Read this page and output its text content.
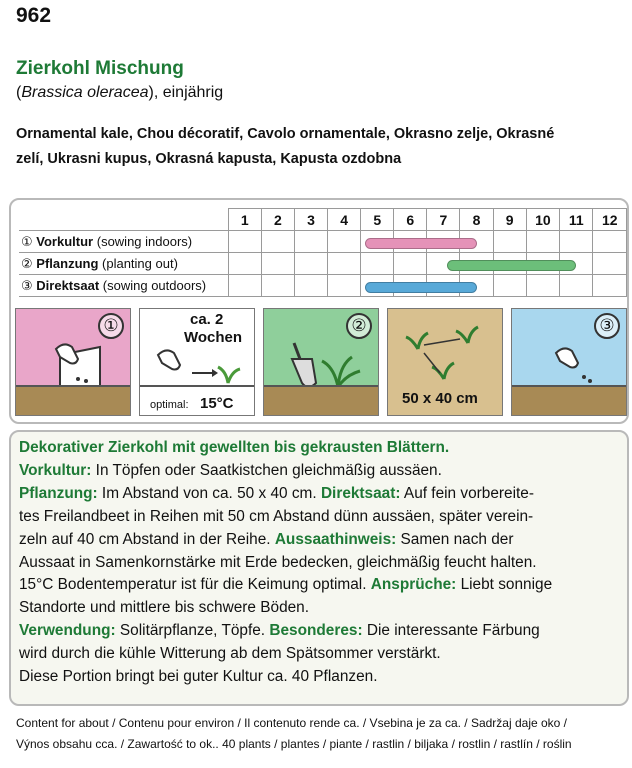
962
Zierkohl Mischung
(Brassica oleracea), einjährig
Ornamental kale, Chou décoratif, Cavolo ornamentale, Okrasno zelje, Okrasné
zelí, Ukrasni kupus, Okrasná kapusta, Kapusta ozdobna
	1	2	3	4	5	6	7	8	9	10	11	12
① Vorkultur (sowing indoors)												
② Pflanzung (planting out)												
③ Direktsaat (sowing outdoors)												
①	ca. 2
Wochen
optimal: 15°C
②
50 x 40 cm
③
Dekorativer Zierkohl mit gewellten bis gekrausten Blättern.
Vorkultur: In Töpfen oder Saatkistchen gleichmäßig aussäen.
Pflanzung: Im Abstand von ca. 50 x 40 cm. Direktsaat: Auf fein vorbereite-
tes Freilandbeet in Reihen mit 50 cm Abstand dünn aussäen, später verein-
zeln auf 40 cm Abstand in der Reihe. Aussaathinweis: Samen nach der
Aussaat in Samenkornstärke mit Erde bedecken, gleichmäßig feucht halten.
15°C Bodentemperatur ist für die Keimung optimal. Ansprüche: Liebt sonnige
Standorte und mittlere bis schwere Böden.
Verwendung: Solitärpflanze, Töpfe. Besonderes: Die interessante Färbung
wird durch die kühle Witterung ab dem Spätsommer verstärkt.
Diese Portion bringt bei guter Kultur ca. 40 Pflanzen.
Content for about / Contenu pour environ / Il contenuto rende ca. / Vsebina je za ca. / Sadržaj daje oko /
Výnos obsahu cca. / Zawartość to ok.. 40 plants / plantes / piante / rastlin / biljaka / rostlin / rastlín / roślin
